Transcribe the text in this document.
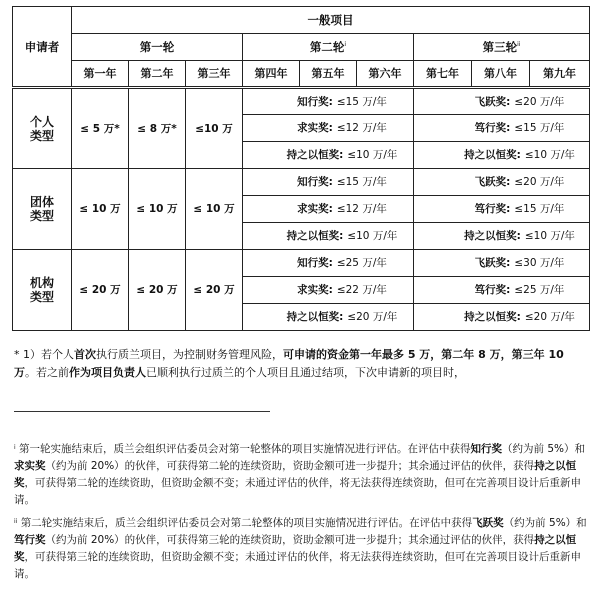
申请者	一般项目								
	第一轮			第二轮$^i$			第三轮$^{ii}$
	第一年	第二年	第三年	第四年	第五年	第六年	第七年	第八年	第九年
个人
类型	≤ 5 万*	≤ 8 万*	≤10 万	知行奖: ≤15 万/年			飞跃奖: ≤20 万/年		
				求实奖: ≤12 万/年			笃行奖: ≤15 万/年		
				持之以恒奖: ≤10 万/年			持之以恒奖: ≤10 万/年		
团体
类型	≤ 10 万	≤ 10 万	≤ 10 万	知行奖: ≤15 万/年			飞跃奖: ≤20 万/年		
				求实奖: ≤12 万/年			笃行奖: ≤15 万/年		
				持之以恒奖: ≤10 万/年			持之以恒奖: ≤10 万/年		
机构
类型	≤ 20 万	≤ 20 万	≤ 20 万	知行奖: ≤25 万/年			飞跃奖: ≤30 万/年		
				求实奖: ≤22 万/年			笃行奖: ≤25 万/年		
				持之以恒奖: ≤20 万/年			持之以恒奖: ≤20 万/年		
* 1）若个人首次执行质兰项目，为控制财务管理风险，可申请的资金第一年最多 5 万，第二年 8 万，第三年 10 万。若之前作为项目负责人已顺利执行过质兰的个人项目且通过结项，下次申请新的项目时，
$^i$ 第一轮实施结束后，质兰会组织评估委员会对第一轮整体的项目实施情况进行评估。在评估中获得知行奖（约为前 5%）和求实奖（约为前 20%）的伙伴，可获得第二轮的连续资助，资助金额可进一步提升；其余通过评估的伙伴，获得持之以恒奖，可获得第二轮的连续资助，但资助金额不变；未通过评估的伙伴，将无法获得连续资助，但可在完善项目设计后重新申请。
$^{ii}$ 第二轮实施结束后，质兰会组织评估委员会对第二轮整体的项目实施情况进行评估。在评估中获得飞跃奖（约为前 5%）和笃行奖（约为前 20%）的伙伴，可获得第三轮的连续资助，资助金额可进一步提升；其余通过评估的伙伴，获得持之以恒奖，可获得第三轮的连续资助，但资助金额不变；未通过评估的伙伴，将无法获得连续资助，但可在完善项目设计后重新申请。
